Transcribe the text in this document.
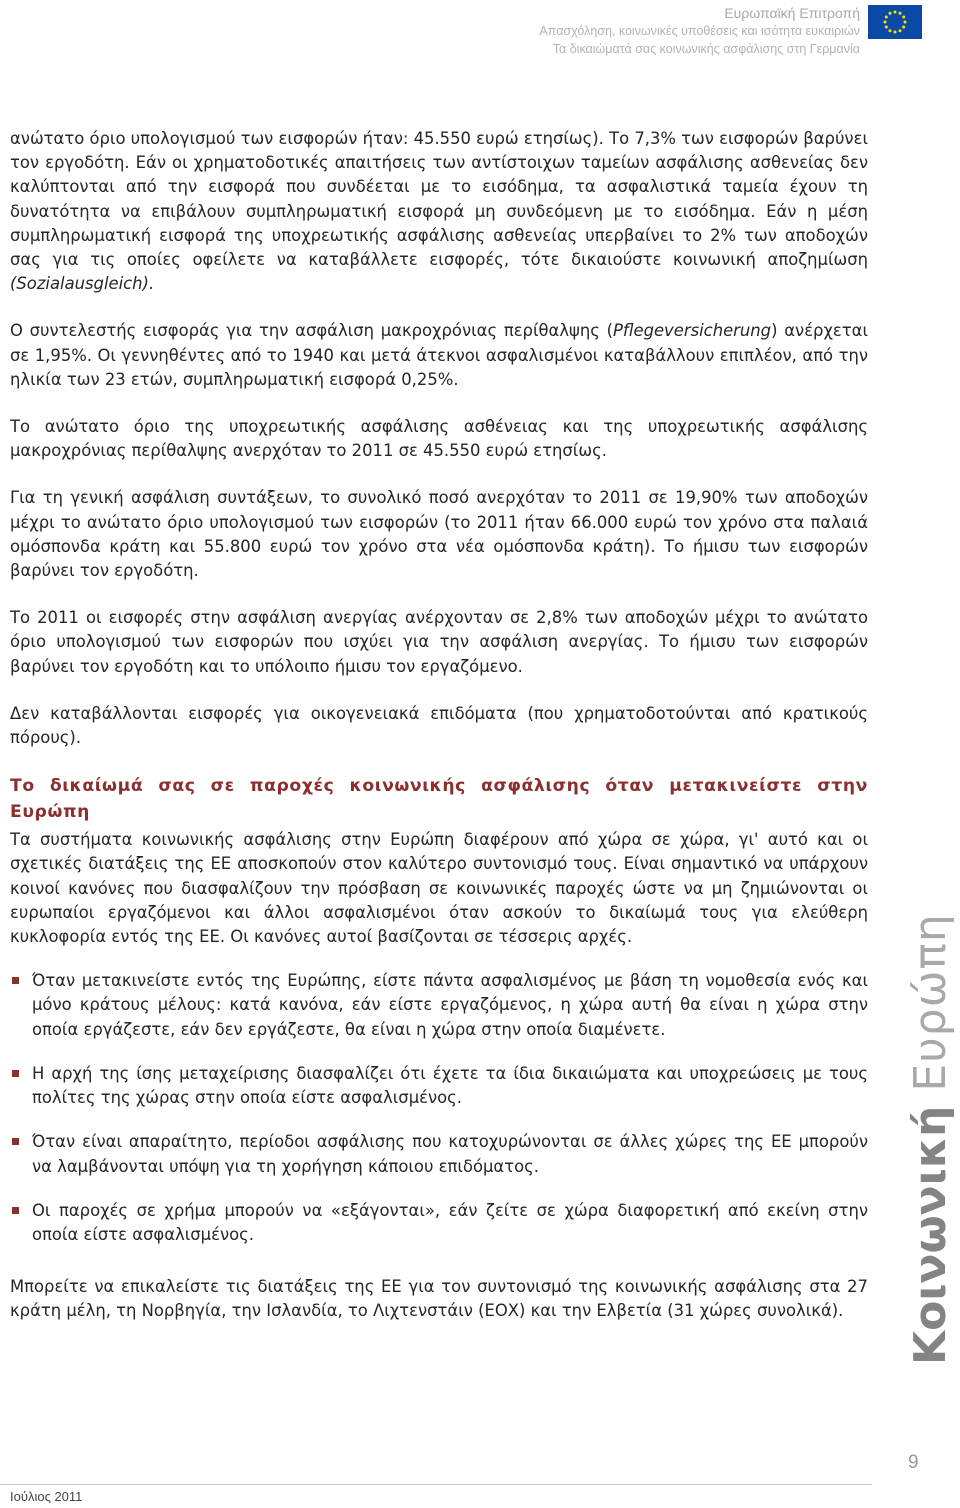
Ευρωπαϊκή Επιτροπή
Απασχόληση, κοινωνικές υποθέσεις και ισότητα ευκαιριών
Τα δικαιώματά σας κοινωνικής ασφάλισης στη Γερμανία

ανώτατο όριο υπολογισμού των εισφορών ήταν: 45.550 ευρώ ετησίως). Το 7,3% των εισφορών βαρύνει τον εργοδότη. Εάν οι χρηματοδοτικές απαιτήσεις των αντίστοιχων ταμείων ασφάλισης ασθενείας δεν καλύπτονται από την εισφορά που συνδέεται με το εισόδημα, τα ασφαλιστικά ταμεία έχουν τη δυνατότητα να επιβάλουν συμπληρωματική εισφορά μη συνδεόμενη με το εισόδημα. Εάν η μέση συμπληρωματική εισφορά της υποχρεωτικής ασφάλισης ασθενείας υπερβαίνει το 2% των αποδοχών σας για τις οποίες οφείλετε να καταβάλλετε εισφορές, τότε δικαιούστε κοινωνική αποζημίωση (Sozialausgleich).

Ο συντελεστής εισφοράς για την ασφάλιση μακροχρόνιας περίθαλψης (Pflegeversicherung) ανέρχεται σε 1,95%. Οι γεννηθέντες από το 1940 και μετά άτεκνοι ασφαλισμένοι καταβάλλουν επιπλέον, από την ηλικία των 23 ετών, συμπληρωματική εισφορά 0,25%.

Το ανώτατο όριο της υποχρεωτικής ασφάλισης ασθένειας και της υποχρεωτικής ασφάλισης μακροχρόνιας περίθαλψης ανερχόταν το 2011 σε 45.550 ευρώ ετησίως.

Για τη γενική ασφάλιση συντάξεων, το συνολικό ποσό ανερχόταν το 2011 σε 19,90% των αποδοχών μέχρι το ανώτατο όριο υπολογισμού των εισφορών (το 2011 ήταν 66.000 ευρώ τον χρόνο στα παλαιά ομόσπονδα κράτη και 55.800 ευρώ τον χρόνο στα νέα ομόσπονδα κράτη). Το ήμισυ των εισφορών βαρύνει τον εργοδότη.

Το 2011 οι εισφορές στην ασφάλιση ανεργίας ανέρχονταν σε 2,8% των αποδοχών μέχρι το ανώτατο όριο υπολογισμού των εισφορών που ισχύει για την ασφάλιση ανεργίας. Το ήμισυ των εισφορών βαρύνει τον εργοδότη και το υπόλοιπο ήμισυ τον εργαζόμενο.

Δεν καταβάλλονται εισφορές για οικογενειακά επιδόματα (που χρηματοδοτούνται από κρατικούς πόρους).

Το δικαίωμά σας σε παροχές κοινωνικής ασφάλισης όταν μετακινείστε στην Ευρώπη

Τα συστήματα κοινωνικής ασφάλισης στην Ευρώπη διαφέρουν από χώρα σε χώρα, γι' αυτό και οι σχετικές διατάξεις της ΕΕ αποσκοπούν στον καλύτερο συντονισμό τους. Είναι σημαντικό να υπάρχουν κοινοί κανόνες που διασφαλίζουν την πρόσβαση σε κοινωνικές παροχές ώστε να μη ζημιώνονται οι ευρωπαίοι εργαζόμενοι και άλλοι ασφαλισμένοι όταν ασκούν το δικαίωμά τους για ελεύθερη κυκλοφορία εντός της ΕΕ. Οι κανόνες αυτοί βασίζονται σε τέσσερις αρχές.

Όταν μετακινείστε εντός της Ευρώπης, είστε πάντα ασφαλισμένος με βάση τη νομοθεσία ενός και μόνο κράτους μέλους: κατά κανόνα, εάν είστε εργαζόμενος, η χώρα αυτή θα είναι η χώρα στην οποία εργάζεστε, εάν δεν εργάζεστε, θα είναι η χώρα στην οποία διαμένετε.
Η αρχή της ίσης μεταχείρισης διασφαλίζει ότι έχετε τα ίδια δικαιώματα και υποχρεώσεις με τους πολίτες της χώρας στην οποία είστε ασφαλισμένος.
Όταν είναι απαραίτητο, περίοδοι ασφάλισης που κατοχυρώνονται σε άλλες χώρες της ΕΕ μπορούν να λαμβάνονται υπόψη για τη χορήγηση κάποιου επιδόματος.
Οι παροχές σε χρήμα μπορούν να «εξάγονται», εάν ζείτε σε χώρα διαφορετική από εκείνη στην οποία είστε ασφαλισμένος.

Μπορείτε να επικαλείστε τις διατάξεις της ΕΕ για τον συντονισμό της κοινωνικής ασφάλισης στα 27 κράτη μέλη, τη Νορβηγία, την Ισλανδία, το Λιχτενστάιν (ΕΟΧ) και την Ελβετία (31 χώρες συνολικά).	Κοινωνική Ευρώπη
9
Ιούλιος 2011
